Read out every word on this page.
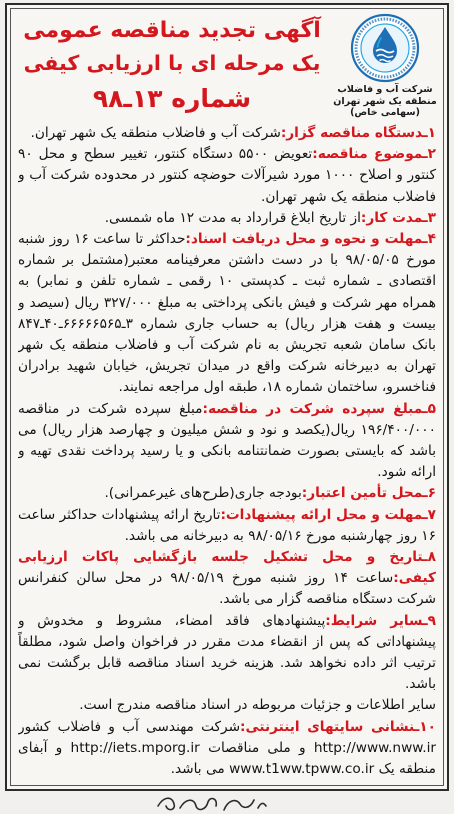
شرکت آب و فاضلاب
منطقه یک شهر تهران
(سهامی خاص)
آگهی تجدید مناقصه عمومی
یک مرحله ای با ارزیابی کیفی
شماره ۱۳ـ۹۸

۱ـدستگاه مناقصه گزار:شرکت آب و فاضلاب منطقه یک شهر تهران.

۲ـموضوع مناقصه:تعویض ۵۵۰۰ دستگاه کنتور، تغییر سطح و محل ۹۰ کنتور و اصلاح ۱۰۰۰ مورد شیرآلات حوضچه کنتور در محدوده شرکت آب و فاضلاب منطقه یک شهر تهران.

۳ـمدت کار:از تاریخ ابلاغ قرارداد به مدت ۱۲ ماه شمسی.

۴ـمهلت و نحوه و محل دریافت اسناد:حداکثر تا ساعت ۱۶ روز شنبه مورخ ۹۸/۰۵/۰۵ با در دست داشتن معرفینامه معتبر(مشتمل بر شماره اقتصادی ـ شماره ثبت ـ کدپستی ۱۰ رقمی ـ شماره تلفن و نمابر) به همراه مهر شرکت و فیش بانکی پرداختی به مبلغ ۳۲۷/۰۰۰ ریال (سیصد و بیست و هفت هزار ریال) به حساب جاری شماره ۳ـ۶۶۶۶۶۵۶۵ـ۴۰ـ۸۴۷ بانک سامان شعبه تجریش به نام شرکت آب و فاضلاب منطقه یک شهر تهران به دبیرخانه شرکت واقع در میدان تجریش، خیابان شهید برادران فناخسرو، ساختمان شماره ۱۸، طبقه اول مراجعه نمایند.

۵ـمبلغ سپرده شرکت در مناقصه:مبلغ سپرده شرکت در مناقصه ۱۹۶/۴۰۰/۰۰۰ ریال(یکصد و نود و شش میلیون و چهارصد هزار ریال) می باشد که بایستی بصورت ضمانتنامه بانکی و یا رسید پرداخت نقدی تهیه و ارائه شود.

۶ـمحل تأمین اعتبار:بودجه جاری(طرح‌های غیرعمرانی).

۷ـمهلت و محل ارائه پیشنهادات:تاریخ ارائه پیشنهادات حداکثر ساعت ۱۶ روز چهارشنبه مورخ ۹۸/۰۵/۱۶ به دبیرخانه می باشد.

۸ـتاریخ و محل تشکیل جلسه بازگشایی پاکات ارزیابی کیفی:ساعت ۱۴ روز شنبه مورخ ۹۸/۰۵/۱۹ در محل سالن کنفرانس شرکت دستگاه مناقصه گزار می باشد.

۹ـسایر شرایط:پیشنهادهای فاقد امضاء، مشروط و مخدوش و پیشنهاداتی که پس از انقضاء مدت مقرر در فراخوان واصل شود، مطلقاً ترتیب اثر داده نخواهد شد. هزینه خرید اسناد مناقصه قابل برگشت نمی باشد.

سایر اطلاعات و جزئیات مربوطه در اسناد مناقصه مندرج است.

۱۰ـنشانی سایتهای اینترنتی:شرکت مهندسی آب و فاضلاب کشور http://www.nww.ir و ملی مناقصات http://iets.mporg.ir و آبفای منطقه یک www.t1ww.tpww.co.ir می باشد.
